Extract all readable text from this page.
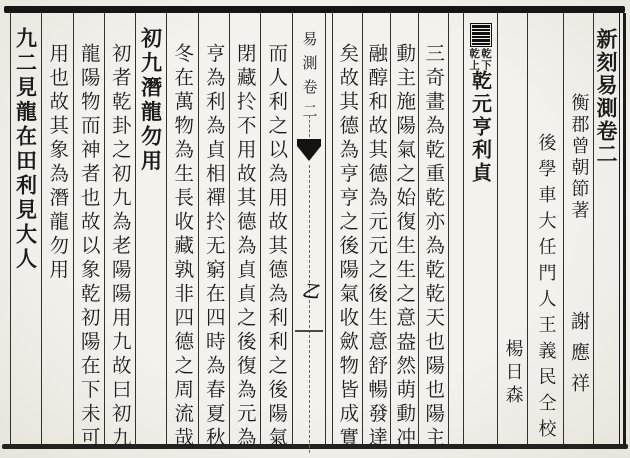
新刻易測卷二
衡郡曾朝節著
謝應祥
後學車大任門人王義民仝校
楊日森
乾下
乾上
乾元亨利貞
三奇畫為乾重乾亦為乾乾天也陽也陽主
動主施陽氣之始復生生之意盎然萌動冲
融醇和故其德為元元之後生意舒暢發達
矣故其德為亨亨之後陽氣收歛物皆成實
易測卷二
乙
而人利之以為用故其德為利利之後陽氣
閉藏扵不用故其德為貞貞之後復為元為
亨為利為貞相禪扵无窮在四時為春夏秋
冬在萬物為生長收藏孰非四德之周流哉
初九潛龍勿用
初者乾卦之初九為老陽陽用九故曰初九
龍陽物而神者也故以象乾初陽在下未可
用也故其象為潛龍勿用
九二見龍在田利見大人
